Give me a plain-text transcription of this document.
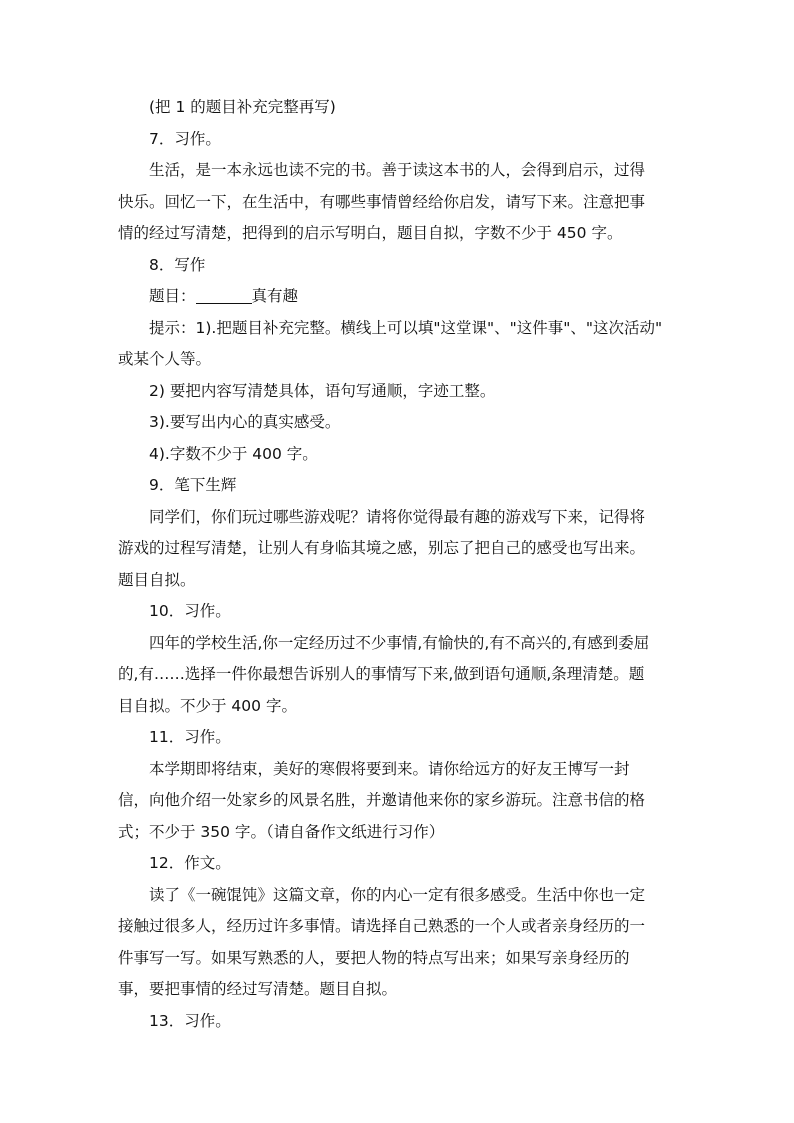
(把 1 的题目补充完整再写)

7．习作。

生活，是一本永远也读不完的书。善于读这本书的人，会得到启示，过得

快乐。回忆一下，在生活中，有哪些事情曾经给你启发，请写下来。注意把事

情的经过写清楚，把得到的启示写明白，题目自拟，字数不少于 450 字。

8．写作

题目：	真有趣

提示：1).把题目补充完整。横线上可以填"这堂课"、"这件事"、"这次活动"

或某个人等。

2) 要把内容写清楚具体，语句写通顺，字迹工整。

3).要写出内心的真实感受。

4).字数不少于 400 字。

9．笔下生辉

同学们，你们玩过哪些游戏呢？请将你觉得最有趣的游戏写下来，记得将

游戏的过程写清楚，让别人有身临其境之感，别忘了把自己的感受也写出来。

题目自拟。

10．习作。

四年的学校生活,你一定经历过不少事情,有愉快的,有不高兴的,有感到委屈

的,有……选择一件你最想告诉别人的事情写下来,做到语句通顺,条理清楚。题

目自拟。不少于 400 字。

11．习作。

本学期即将结束，美好的寒假将要到来。请你给远方的好友王博写一封

信，向他介绍一处家乡的风景名胜，并邀请他来你的家乡游玩。注意书信的格

式；不少于 350 字。（请自备作文纸进行习作）

12．作文。

读了《一碗馄饨》这篇文章，你的内心一定有很多感受。生活中你也一定

接触过很多人，经历过许多事情。请选择自己熟悉的一个人或者亲身经历的一

件事写一写。如果写熟悉的人，要把人物的特点写出来；如果写亲身经历的

事，要把事情的经过写清楚。题目自拟。

13．习作。
